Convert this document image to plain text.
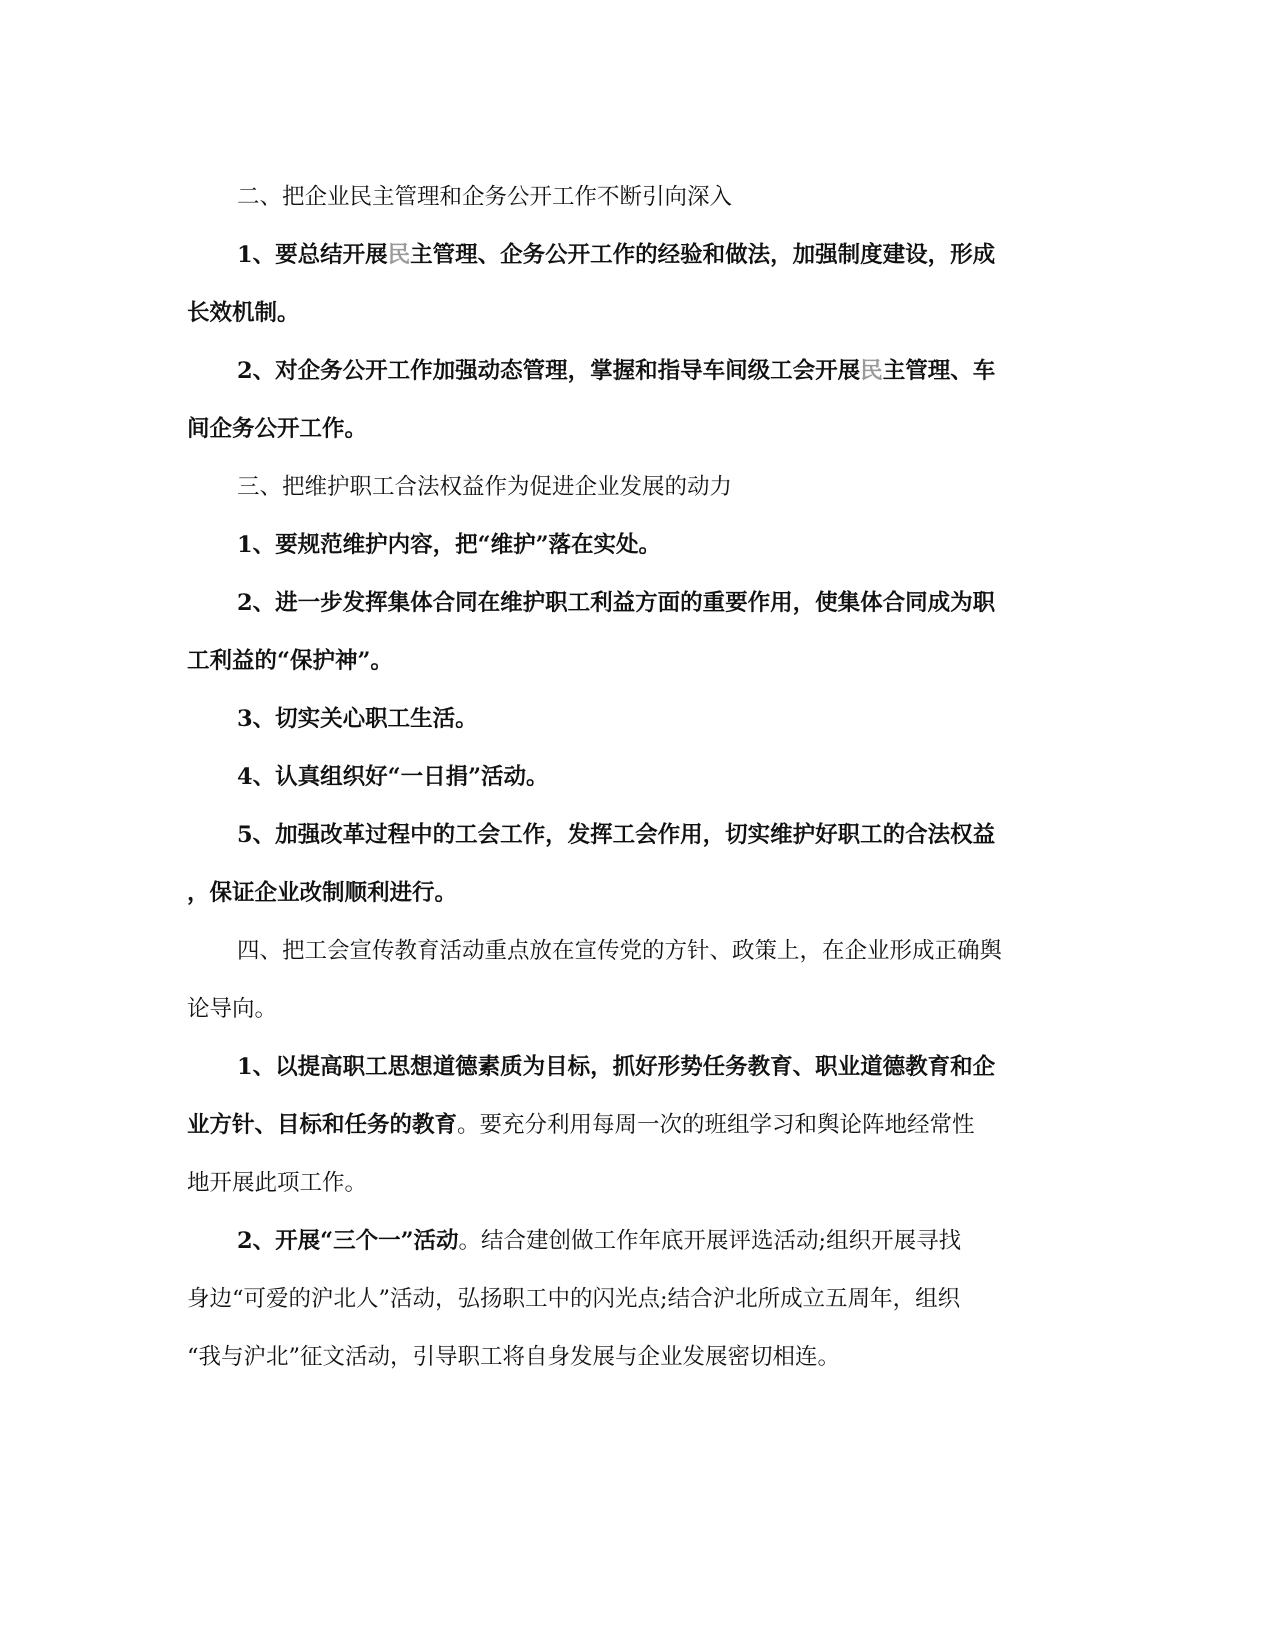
二、把企业民主管理和企务公开工作不断引向深入

1、要总结开展民主管理、企务公开工作的经验和做法，加强制度建设，形成
长效机制。

2、对企务公开工作加强动态管理，掌握和指导车间级工会开展民主管理、车
间企务公开工作。

三、把维护职工合法权益作为促进企业发展的动力

1、要规范维护内容，把“维护”落在实处。

2、进一步发挥集体合同在维护职工利益方面的重要作用，使集体合同成为职
工利益的“保护神”。

3、切实关心职工生活。

4、认真组织好“一日捐”活动。

5、加强改革过程中的工会工作，发挥工会作用，切实维护好职工的合法权益
，保证企业改制顺利进行。

四、把工会宣传教育活动重点放在宣传党的方针、政策上，在企业形成正确舆
论导向。

1、以提高职工思想道德素质为目标，抓好形势任务教育、职业道德教育和企
业方针、目标和任务的教育。要充分利用每周一次的班组学习和舆论阵地经常性
地开展此项工作。

2、开展“三个一”活动。结合建创做工作年底开展评选活动;组织开展寻找
身边“可爱的沪北人”活动，弘扬职工中的闪光点;结合沪北所成立五周年，组织
“我与沪北”征文活动，引导职工将自身发展与企业发展密切相连。
